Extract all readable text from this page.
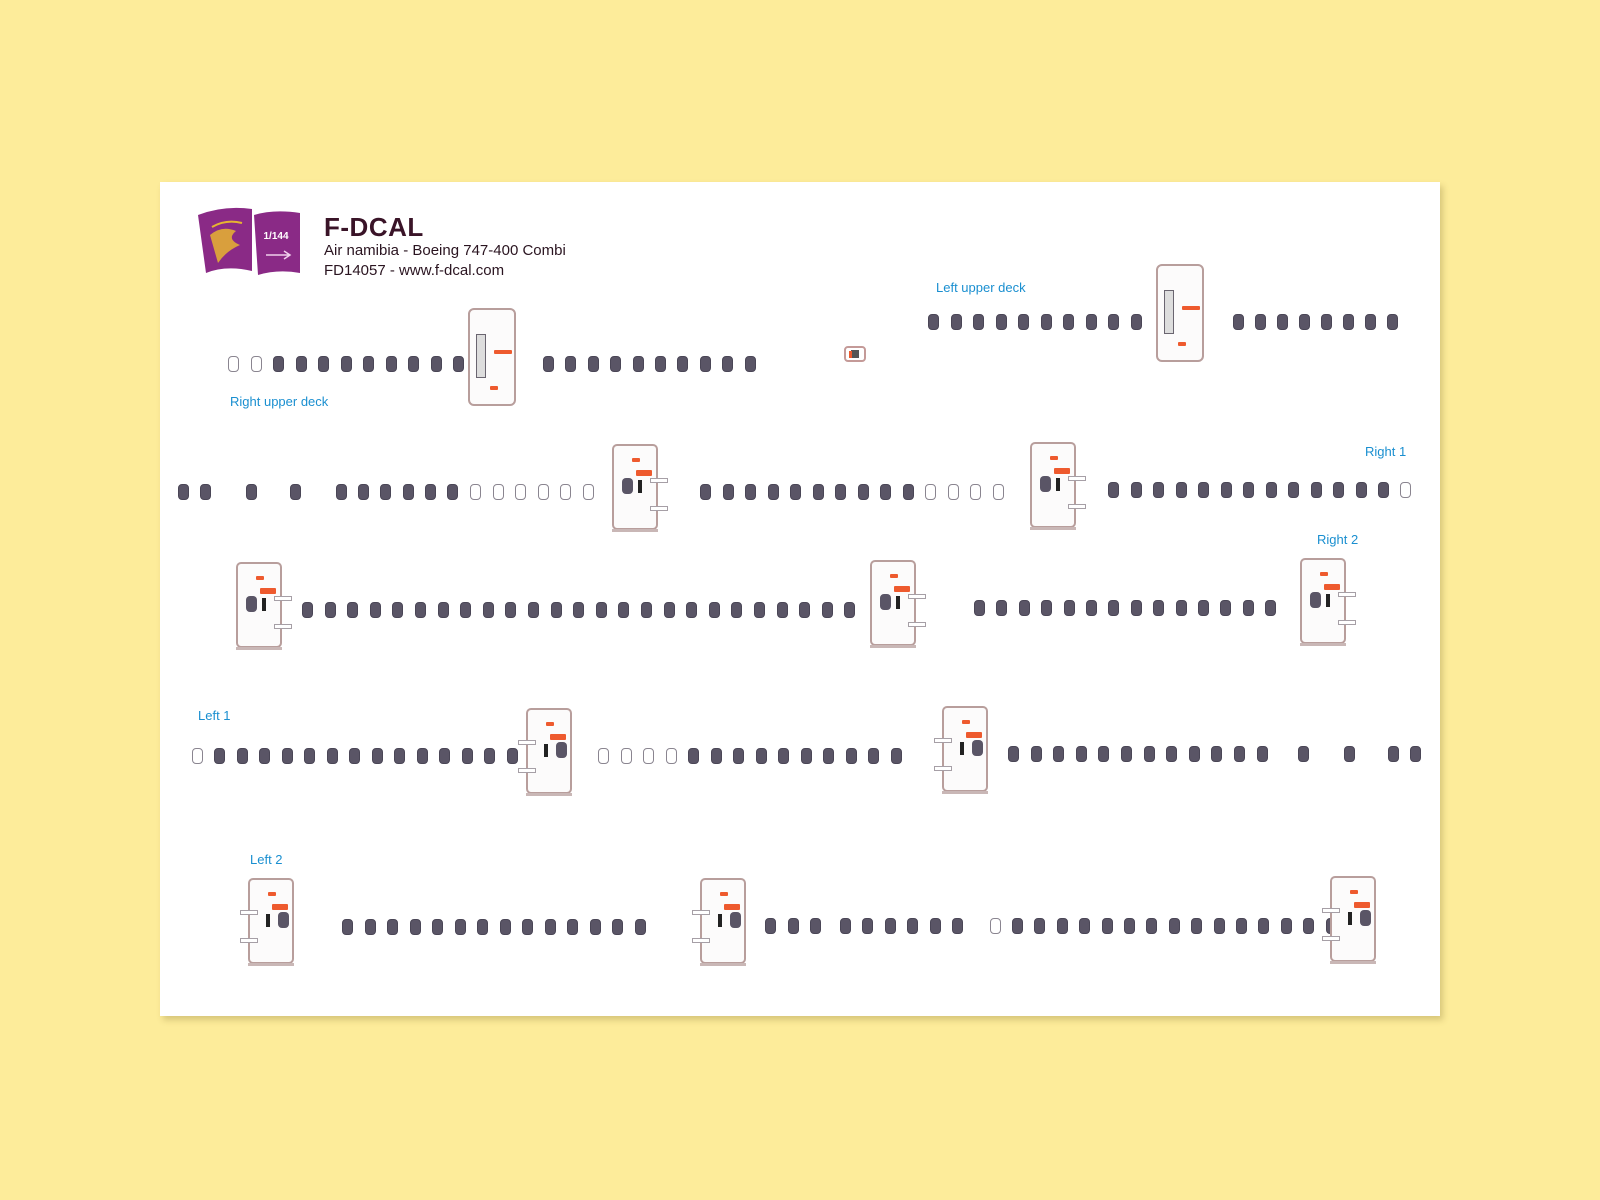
1/144 F-DCAL
Air namibia - Boeing 747-400 Combi
FD14057 - www.f-dcal.com
Right upper deck
Left upper deck
Right 1
Right 2
Left 1
Left 2
